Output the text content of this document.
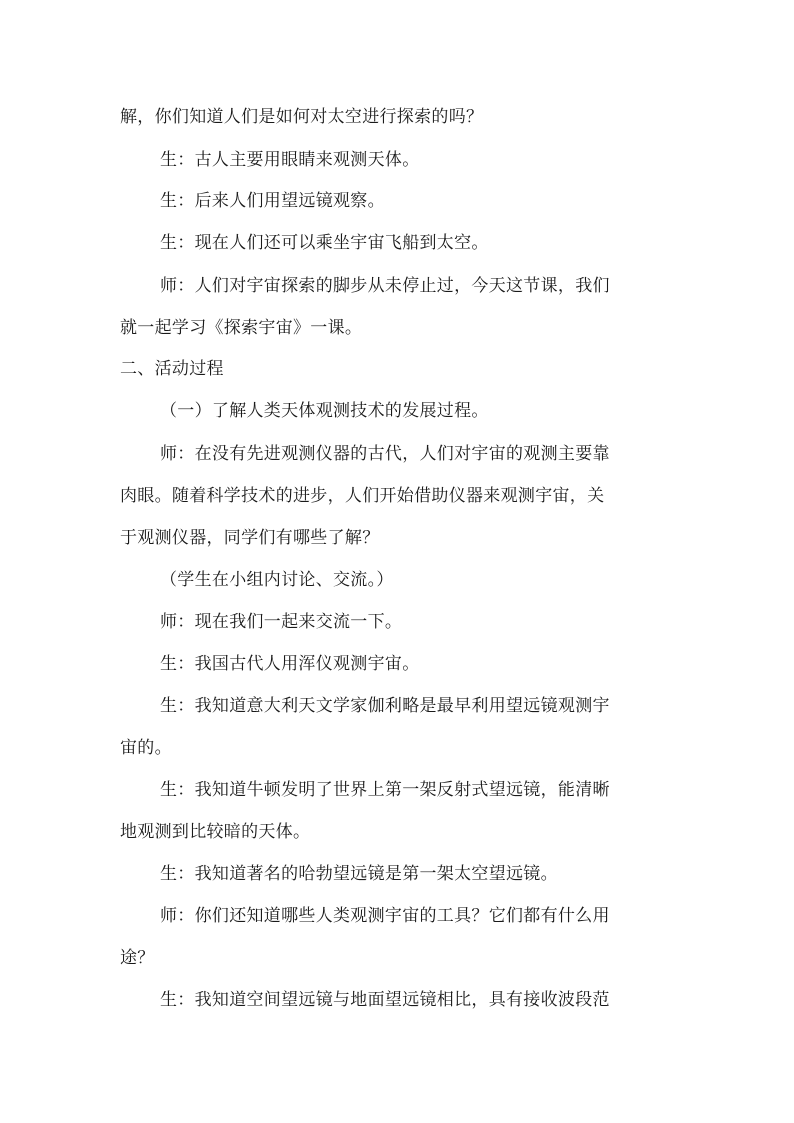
解，你们知道人们是如何对太空进行探索的吗？
生：古人主要用眼睛来观测天体。
生：后来人们用望远镜观察。
生：现在人们还可以乘坐宇宙飞船到太空。
师：人们对宇宙探索的脚步从未停止过，今天这节课，我们
就一起学习《探索宇宙》一课。
二、活动过程
（一）了解人类天体观测技术的发展过程。
师：在没有先进观测仪器的古代，人们对宇宙的观测主要靠
肉眼。随着科学技术的进步，人们开始借助仪器来观测宇宙，关
于观测仪器，同学们有哪些了解？
（学生在小组内讨论、交流。）
师：现在我们一起来交流一下。
生：我国古代人用浑仪观测宇宙。
生：我知道意大利天文学家伽利略是最早利用望远镜观测宇
宙的。
生：我知道牛顿发明了世界上第一架反射式望远镜，能清晰
地观测到比较暗的天体。
生：我知道著名的哈勃望远镜是第一架太空望远镜。
师：你们还知道哪些人类观测宇宙的工具？它们都有什么用
途？
生：我知道空间望远镜与地面望远镜相比，具有接收波段范
